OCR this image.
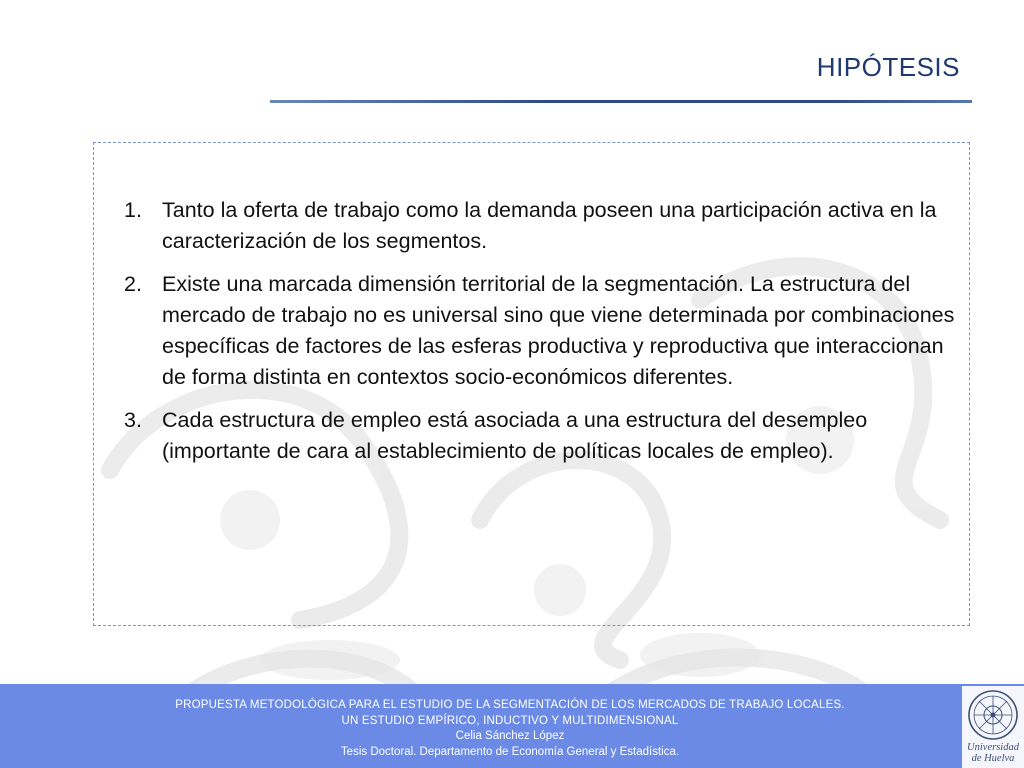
HIPÓTESIS
1. Tanto la oferta de trabajo como la demanda poseen una participación activa en la caracterización de los segmentos.
2. Existe una marcada dimensión territorial de la segmentación. La estructura del mercado de trabajo no es universal sino que viene determinada por combinaciones específicas de factores de las esferas productiva y reproductiva que interaccionan de forma distinta en contextos socio-económicos diferentes.
3. Cada estructura de empleo está asociada a una estructura del desempleo (importante de cara al establecimiento de políticas locales de empleo).
PROPUESTA METODOLÓGICA PARA EL ESTUDIO DE LA SEGMENTACIÓN DE LOS MERCADOS DE TRABAJO LOCALES.
UN ESTUDIO EMPÍRICO, INDUCTIVO Y MULTIDIMENSIONAL
Celia Sánchez López
Tesis Doctoral. Departamento de Economía General y Estadística.	Universidad
de Huelva
